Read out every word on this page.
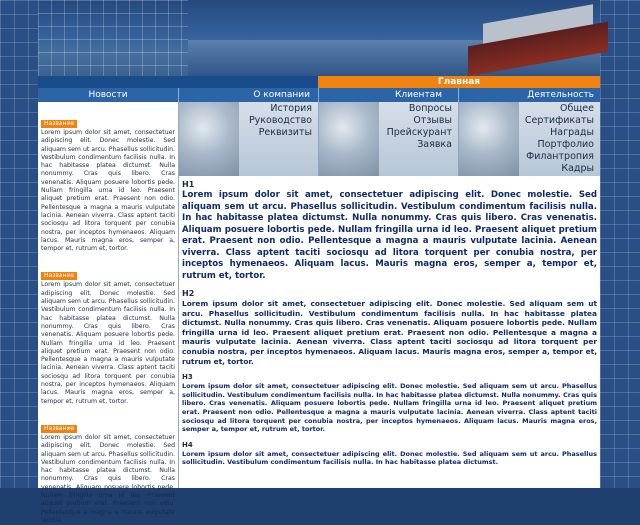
Главная
Новости	О компании	Клиентам	Деятельность
Название
Lorem ipsum dolor sit amet, consectetuer adipiscing elit. Donec molestie. Sed aliquam sem ut arcu. Phasellus sollicitudin. Vestibulum condimentum facilisis nulla. In hac habitasse platea dictumst. Nulla nonummy. Cras quis libero. Cras venenatis. Aliquam posuere lobortis pede. Nullam fringilla urna id leo. Praesent aliquet pretium erat. Praesent non odio. Pellentesque a magna a mauris vulputate lacinia. Aenean viverra. Class aptent taciti sociosqu ad litora torquent per conubia nostra, per inceptos hymenaeos. Aliquam lacus. Mauris magna eros, semper a, tempor et, rutrum et, tortor.
Название
Lorem ipsum dolor sit amet, consectetuer adipiscing elit. Donec molestie. Sed aliquam sem ut arcu. Phasellus sollicitudin. Vestibulum condimentum facilisis nulla. In hac habitasse platea dictumst. Nulla nonummy. Cras quis libero. Cras venenatis. Aliquam posuere lobortis pede. Nullam fringilla urna id leo. Praesent aliquet pretium erat. Praesent non odio. Pellentesque a magna a mauris vulputate lacinia. Aenean viverra. Class aptent taciti sociosqu ad litora torquent per conubia nostra, per inceptos hymenaeos. Aliquam lacus. Mauris magna eros, semper a, tempor et, rutrum et, tortor.
Название
Lorem ipsum dolor sit amet, consectetuer adipiscing elit. Donec molestie. Sed aliquam sem ut arcu. Phasellus sollicitudin. Vestibulum condimentum facilisis nulla. In hac habitasse platea dictumst. Nulla nonummy. Cras quis libero. Cras venenatis. Aliquam posuere lobortis pede. Nullam fringilla urna id leo. Praesent aliquet pretium erat. Praesent non odio. Pellentesque a magna a mauris vulputate lacinia.
История
Руководство
Реквизиты
Вопросы
Отзывы
Прейскурант
Заявка
Общее
Сертификаты
Награды
Портфолио
Филантропия
Кадры
H1

Lorem ipsum dolor sit amet, consectetuer adipiscing elit. Donec molestie. Sed aliquam sem ut arcu. Phasellus sollicitudin. Vestibulum condimentum facilisis nulla. In hac habitasse platea dictumst. Nulla nonummy. Cras quis libero. Cras venenatis. Aliquam posuere lobortis pede. Nullam fringilla urna id leo. Praesent aliquet pretium erat. Praesent non odio. Pellentesque a magna a mauris vulputate lacinia. Aenean viverra. Class aptent taciti sociosqu ad litora torquent per conubia nostra, per inceptos hymenaeos. Aliquam lacus. Mauris magna eros, semper a, tempor et, rutrum et, tortor.

H2

Lorem ipsum dolor sit amet, consectetuer adipiscing elit. Donec molestie. Sed aliquam sem ut arcu. Phasellus sollicitudin. Vestibulum condimentum facilisis nulla. In hac habitasse platea dictumst. Nulla nonummy. Cras quis libero. Cras venenatis. Aliquam posuere lobortis pede. Nullam fringilla urna id leo. Praesent aliquet pretium erat. Praesent non odio. Pellentesque a magna a mauris vulputate lacinia. Aenean viverra. Class aptent taciti sociosqu ad litora torquent per conubia nostra, per inceptos hymenaeos. Aliquam lacus. Mauris magna eros, semper a, tempor et, rutrum et, tortor.

H3

Lorem ipsum dolor sit amet, consectetuer adipiscing elit. Donec molestie. Sed aliquam sem ut arcu. Phasellus sollicitudin. Vestibulum condimentum facilisis nulla. In hac habitasse platea dictumst. Nulla nonummy. Cras quis libero. Cras venenatis. Aliquam posuere lobortis pede. Nullam fringilla urna id leo. Praesent aliquet pretium erat. Praesent non odio. Pellentesque a magna a mauris vulputate lacinia. Aenean viverra. Class aptent taciti sociosqu ad litora torquent per conubia nostra, per inceptos hymenaeos. Aliquam lacus. Mauris magna eros, semper a, tempor et, rutrum et, tortor.

H4

Lorem ipsum dolor sit amet, consectetuer adipiscing elit. Donec molestie. Sed aliquam sem ut arcu. Phasellus sollicitudin. Vestibulum condimentum facilisis nulla. In hac habitasse platea dictumst.
